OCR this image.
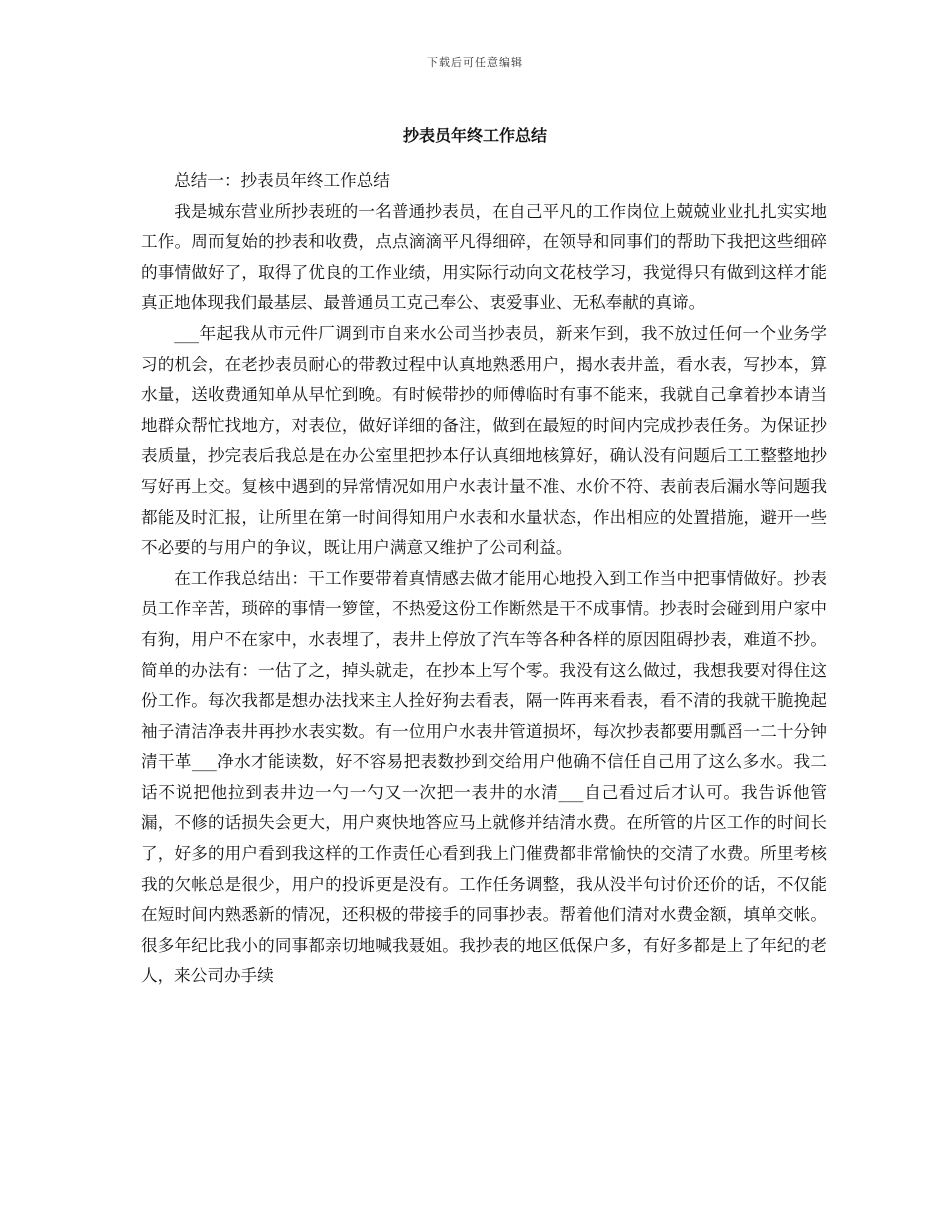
下载后可任意编辑
抄表员年终工作总结

总结一：抄表员年终工作总结

我是城东营业所抄表班的一名普通抄表员，在自己平凡的工作岗位上兢兢业业扎扎实实地工作。周而复始的抄表和收费，点点滴滴平凡得细碎，在领导和同事们的帮助下我把这些细碎的事情做好了，取得了优良的工作业绩，用实际行动向文花枝学习，我觉得只有做到这样才能真正地体现我们最基层、最普通员工克己奉公、衷爱事业、无私奉献的真谛。

___年起我从市元件厂调到市自来水公司当抄表员，新来乍到，我不放过任何一个业务学习的机会，在老抄表员耐心的带教过程中认真地熟悉用户，揭水表井盖，看水表，写抄本，算水量，送收费通知单从早忙到晚。有时候带抄的师傅临时有事不能来，我就自己拿着抄本请当地群众帮忙找地方，对表位，做好详细的备注，做到在最短的时间内完成抄表任务。为保证抄表质量，抄完表后我总是在办公室里把抄本仔认真细地核算好，确认没有问题后工工整整地抄写好再上交。复核中遇到的异常情况如用户水表计量不准、水价不符、表前表后漏水等问题我都能及时汇报，让所里在第一时间得知用户水表和水量状态，作出相应的处置措施，避开一些不必要的与用户的争议，既让用户满意又维护了公司利益。

在工作我总结出：干工作要带着真情感去做才能用心地投入到工作当中把事情做好。抄表员工作辛苦，琐碎的事情一箩筐，不热爱这份工作断然是干不成事情。抄表时会碰到用户家中有狗，用户不在家中，水表埋了，表井上停放了汽车等各种各样的原因阻碍抄表，难道不抄。简单的办法有：一估了之，掉头就走，在抄本上写个零。我没有这么做过，我想我要对得住这份工作。每次我都是想办法找来主人拴好狗去看表，隔一阵再来看表，看不清的我就干脆挽起袖子清洁净表井再抄水表实数。有一位用户水表井管道损坏，每次抄表都要用瓢舀一二十分钟清干革___净水才能读数，好不容易把表数抄到交给用户他确不信任自己用了这么多水。我二话不说把他拉到表井边一勺一勺又一次把一表井的水清___自己看过后才认可。我告诉他管漏，不修的话损失会更大，用户爽快地答应马上就修并结清水费。在所管的片区工作的时间长了，好多的用户看到我这样的工作责任心看到我上门催费都非常愉快的交清了水费。所里考核我的欠帐总是很少，用户的投诉更是没有。工作任务调整，我从没半句讨价还价的话，不仅能在短时间内熟悉新的情况，还积极的带接手的同事抄表。帮着他们清对水费金额，填单交帐。很多年纪比我小的同事都亲切地喊我聂姐。我抄表的地区低保户多，有好多都是上了年纪的老人，来公司办手续
